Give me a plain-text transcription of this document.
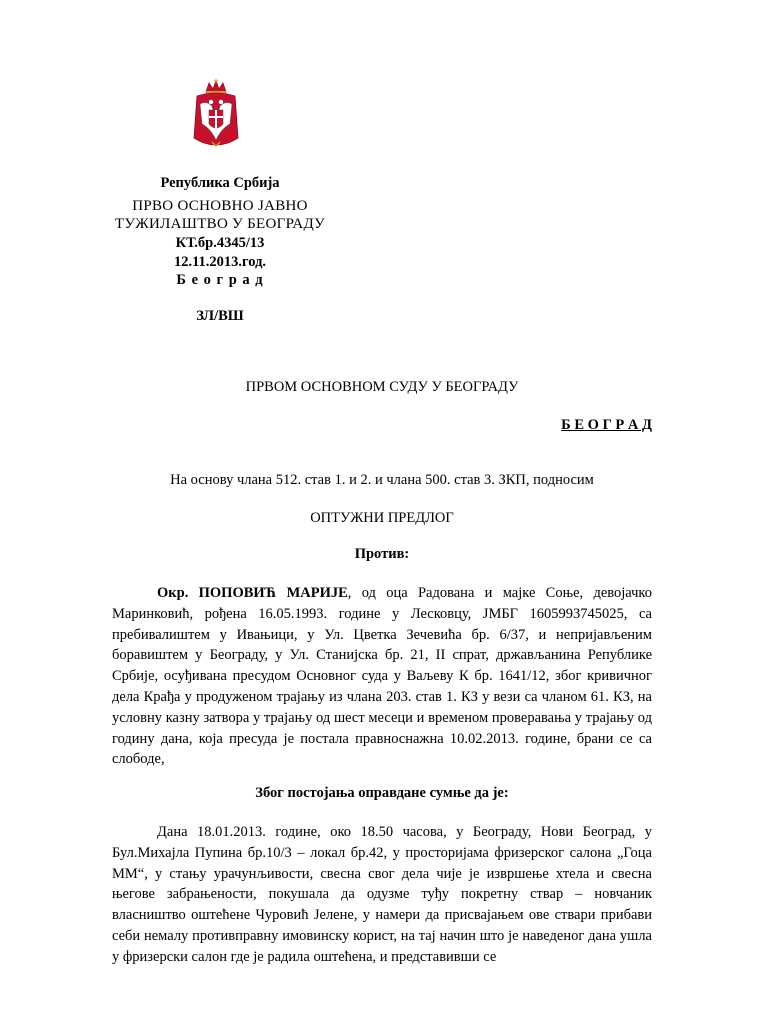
Република Србија
ПРВО ОСНОВНО ЈАВНО
ТУЖИЛАШТВО У БЕОГРАДУ
КТ.бр.4345/13
12.11.2013.год.
Б е о г р а д
ЗЛ/ВШ
ПРВОМ ОСНОВНОМ СУДУ У БЕОГРАДУ
Б Е О Г Р А Д
На основу члана 512. став 1. и 2. и члана 500. став 3. ЗКП, подносим
ОПТУЖНИ ПРЕДЛОГ
Против:
Окр. ПОПОВИЋ МАРИЈЕ, од оца Радована и мајке Соње, девојачко Маринковић, рођена 16.05.1993. године у Лесковцу, ЈМБГ 1605993745025, са пребивалиштем у Ивањици, у Ул. Цветка Зечевића бр. 6/37, и непријављеним боравиштем у Београду, у Ул. Станијска бр. 21, II спрат, држављанина Републике Србије, осуђивана пресудом Основног суда у Ваљеву К бр. 1641/12, због кривичног дела Крађа у продуженом трајању из члана 203. став 1. КЗ у вези са чланом 61. КЗ, на условну казну затвора у трајању од шест месеци и временом проверавања у трајању од годину дана, која пресуда је постала правноснажна 10.02.2013. године, брани се са слободе,
Због постојања оправдане сумње да је:
Дана 18.01.2013. године, око 18.50 часова, у Београду, Нови Београд, у Бул.Михајла Пупина бр.10/3 – локал бр.42, у просторијама фризерског салона „Гоца ММ“, у стању урачунљивости, свесна свог дела чије је извршење хтела и свесна његове забрањености, покушала да одузме туђу покретну ствар – новчаник власништво оштећене Чуровић Јелене, у намери да присвајањем ове ствари прибави себи немалу противправну имовинску корист, на тај начин што је наведеног дана ушла у фризерски салон где је радила оштећена, и представивши се
